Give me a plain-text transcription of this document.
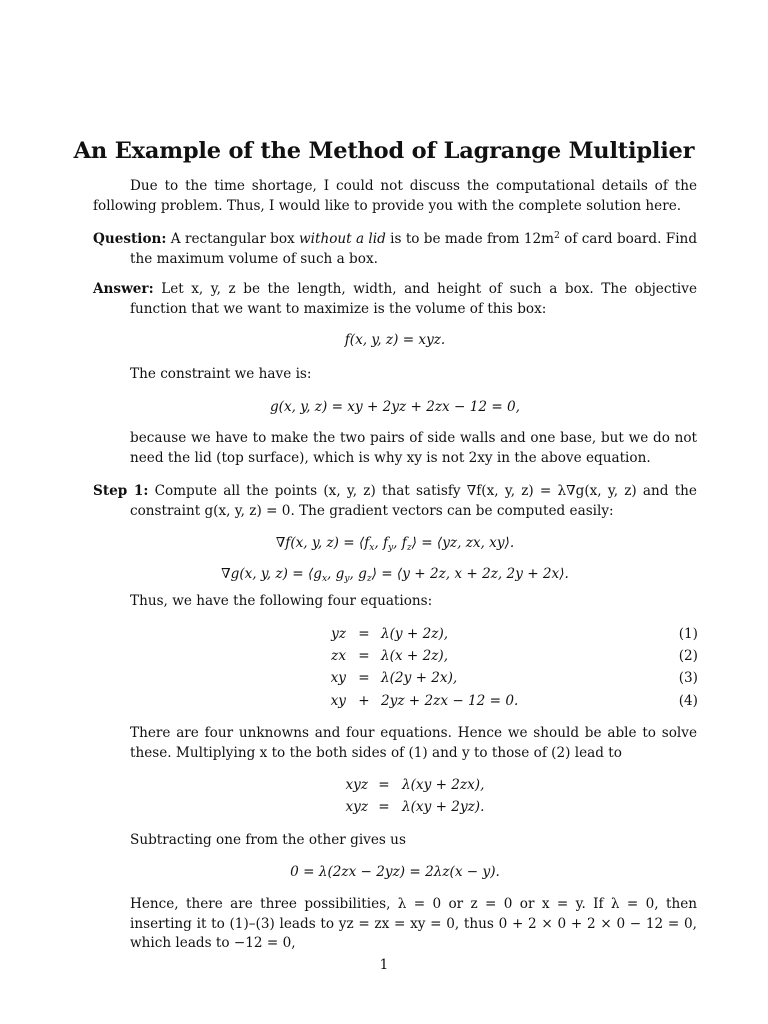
An Example of the Method of Lagrange Multiplier
Due to the time shortage, I could not discuss the computational details of the following problem. Thus, I would like to provide you with the complete solution here.
Question: A rectangular box without a lid is to be made from $12m^2$ of card board. Find the maximum volume of such a box.
Answer: Let x, y, z be the length, width, and height of such a box. The objective function that we want to maximize is the volume of this box:
f(x, y, z) = xyz.
The constraint we have is:
g(x, y, z) = xy + 2yz + 2zx − 12 = 0,
because we have to make the two pairs of side walls and one base, but we do not need the lid (top surface), which is why xy is not 2xy in the above equation.
Step 1: Compute all the points (x, y, z) that satisfy ∇f(x, y, z) = λ∇g(x, y, z) and the constraint g(x, y, z) = 0. The gradient vectors can be computed easily:
∇f(x, y, $z) = ⟨f_x$, $f_y$, $f_z⟩$ = ⟨yz, zx, xy⟩.
∇g(x, y, $z) = ⟨g_x$, $g_y$, $g_z⟩$ = ⟨y + 2z, x + 2z, 2y + 2x⟩.
Thus, we have the following four equations:
yz = λ(y + 2z),	(1)
zx = λ(x + 2z),	(2)
xy = λ(2y + 2x),	(3)
xy + 2yz + 2zx − 12 = 0.	(4)
There are four unknowns and four equations. Hence we should be able to solve these. Multiplying x to the both sides of (1) and y to those of (2) lead to
xyz = λ(xy + 2zx),
xyz = λ(xy + 2yz).
Subtracting one from the other gives us
0 = λ(2zx − 2yz) = 2λz(x − y).
Hence, there are three possibilities, λ = 0 or z = 0 or x = y. If λ = 0, then inserting it to (1)–(3) leads to yz = zx = xy = 0, thus 0 + 2 × 0 + 2 × 0 − 12 = 0, which leads to −12 = 0,
1
